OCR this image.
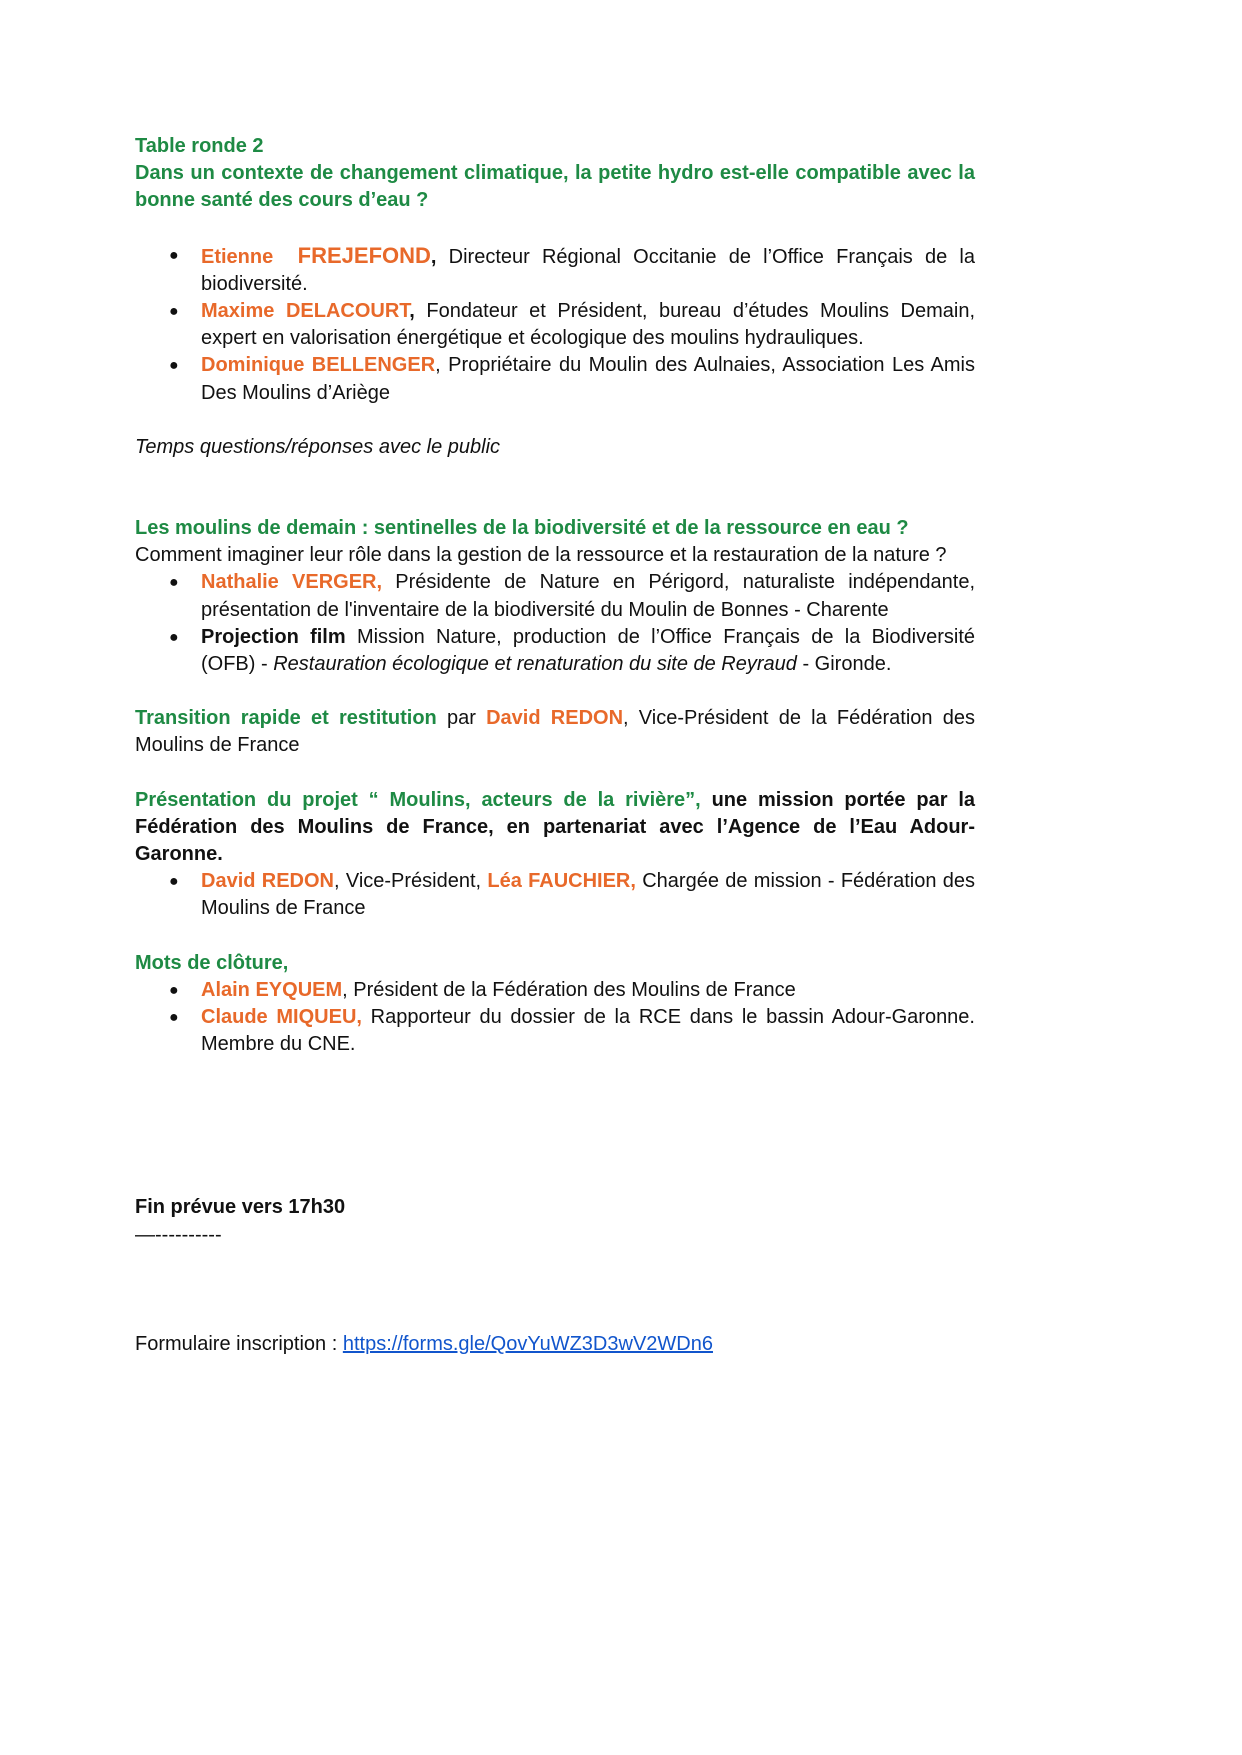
Table ronde 2

Dans un contexte de changement climatique, la petite hydro est-elle compatible avec la bonne santé des cours d’eau ?

● Etienne FREJEFOND, Directeur Régional Occitanie de l’Office Français de la biodiversité.
● Maxime DELACOURT, Fondateur et Président, bureau d’études Moulins Demain, expert en valorisation énergétique et écologique des moulins hydrauliques.
● Dominique BELLENGER, Propriétaire du Moulin des Aulnaies, Association Les Amis Des Moulins d’Ariège

Temps questions/réponses avec le public

Les moulins de demain : sentinelles de la biodiversité et de la ressource en eau ?

Comment imaginer leur rôle dans la gestion de la ressource et la restauration de la nature ?

● Nathalie VERGER, Présidente de Nature en Périgord, naturaliste indépendante, présentation de l'inventaire de la biodiversité du Moulin de Bonnes - Charente
● Projection film Mission Nature, production de l’Office Français de la Biodiversité (OFB) - Restauration écologique et renaturation du site de Reyraud - Gironde.

Transition rapide et restitution par David REDON, Vice-Président de la Fédération des Moulins de France

Présentation du projet “ Moulins, acteurs de la rivière”, une mission portée par la Fédération des Moulins de France, en partenariat avec l’Agence de l’Eau Adour-Garonne.

● David REDON, Vice-Président, Léa FAUCHIER, Chargée de mission - Fédération des Moulins de France

Mots de clôture,

● Alain EYQUEM, Président de la Fédération des Moulins de France
● Claude MIQUEU, Rapporteur du dossier de la RCE dans le bassin Adour-Garonne. Membre du CNE.

Fin prévue vers 17h30

—----------

Formulaire inscription : https://forms.gle/QovYuWZ3D3wV2WDn6
